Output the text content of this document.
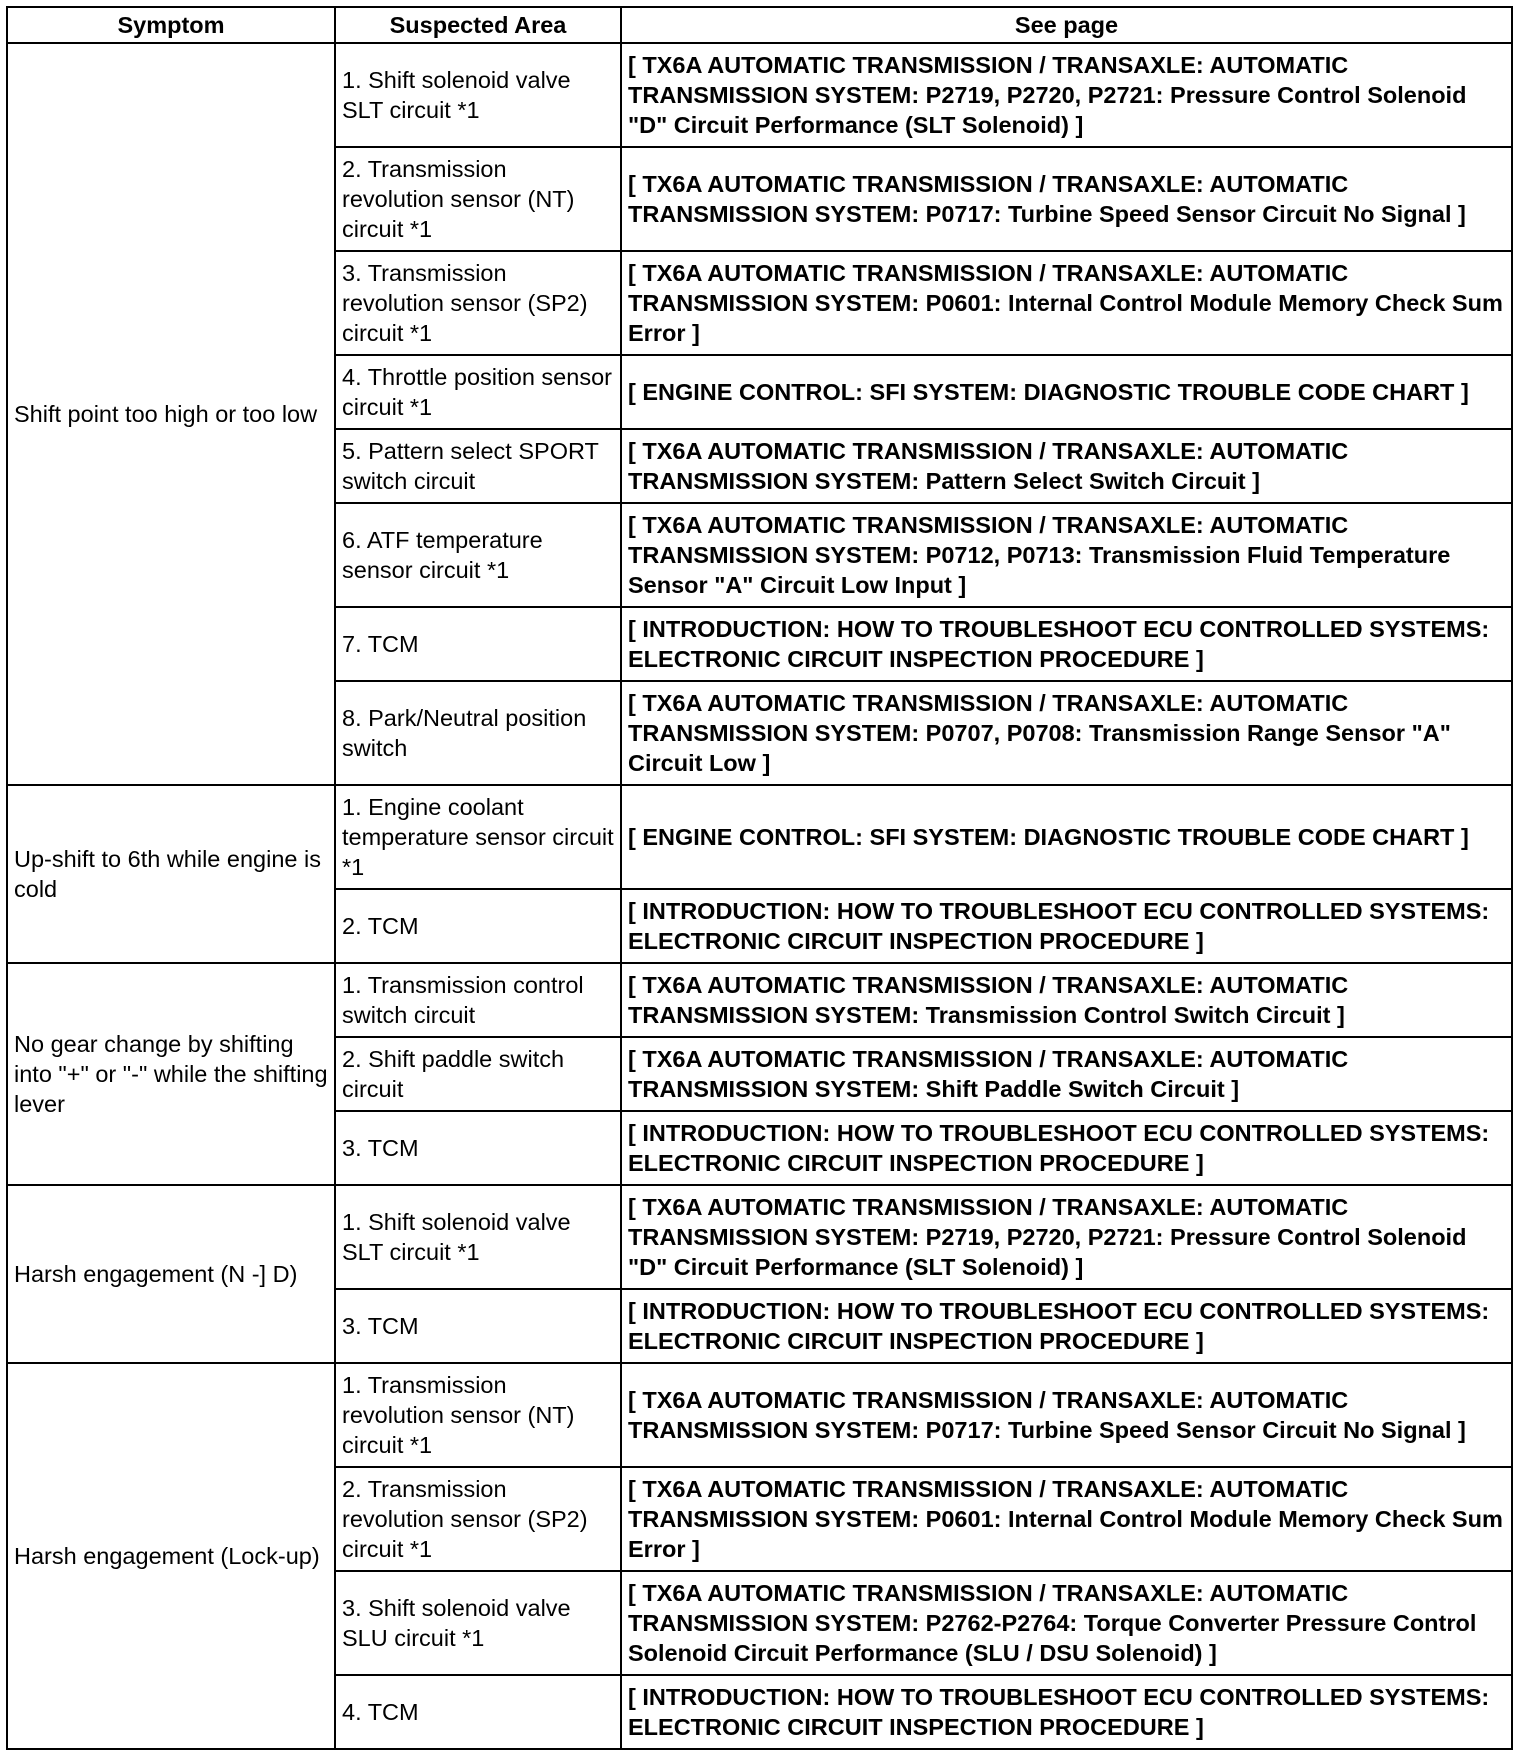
Symptom	Suspected Area	See page
Shift point too high or too low	1. Shift solenoid valve SLT circuit *1	[ TX6A AUTOMATIC TRANSMISSION / TRANSAXLE: AUTOMATIC TRANSMISSION SYSTEM: P2719, P2720, P2721: Pressure Control Solenoid "D" Circuit Performance (SLT Solenoid) ]
	2. Transmission revolution sensor (NT) circuit *1	[ TX6A AUTOMATIC TRANSMISSION / TRANSAXLE: AUTOMATIC TRANSMISSION SYSTEM: P0717: Turbine Speed Sensor Circuit No Signal ]
	3. Transmission revolution sensor (SP2) circuit *1	[ TX6A AUTOMATIC TRANSMISSION / TRANSAXLE: AUTOMATIC TRANSMISSION SYSTEM: P0601: Internal Control Module Memory Check Sum Error ]
	4. Throttle position sensor circuit *1	[ ENGINE CONTROL: SFI SYSTEM: DIAGNOSTIC TROUBLE CODE CHART ]
	5. Pattern select SPORT switch circuit	[ TX6A AUTOMATIC TRANSMISSION / TRANSAXLE: AUTOMATIC TRANSMISSION SYSTEM: Pattern Select Switch Circuit ]
	6. ATF temperature sensor circuit *1	[ TX6A AUTOMATIC TRANSMISSION / TRANSAXLE: AUTOMATIC TRANSMISSION SYSTEM: P0712, P0713: Transmission Fluid Temperature Sensor "A" Circuit Low Input ]
	7. TCM	[ INTRODUCTION: HOW TO TROUBLESHOOT ECU CONTROLLED SYSTEMS: ELECTRONIC CIRCUIT INSPECTION PROCEDURE ]
	8. Park/Neutral position switch	[ TX6A AUTOMATIC TRANSMISSION / TRANSAXLE: AUTOMATIC TRANSMISSION SYSTEM: P0707, P0708: Transmission Range Sensor "A" Circuit Low ]
Up-shift to 6th while engine is cold	1. Engine coolant temperature sensor circuit *1	[ ENGINE CONTROL: SFI SYSTEM: DIAGNOSTIC TROUBLE CODE CHART ]
	2. TCM	[ INTRODUCTION: HOW TO TROUBLESHOOT ECU CONTROLLED SYSTEMS: ELECTRONIC CIRCUIT INSPECTION PROCEDURE ]
No gear change by shifting into "+" or "-" while the shifting lever	1. Transmission control switch circuit	[ TX6A AUTOMATIC TRANSMISSION / TRANSAXLE: AUTOMATIC TRANSMISSION SYSTEM: Transmission Control Switch Circuit ]
	2. Shift paddle switch circuit	[ TX6A AUTOMATIC TRANSMISSION / TRANSAXLE: AUTOMATIC TRANSMISSION SYSTEM: Shift Paddle Switch Circuit ]
	3. TCM	[ INTRODUCTION: HOW TO TROUBLESHOOT ECU CONTROLLED SYSTEMS: ELECTRONIC CIRCUIT INSPECTION PROCEDURE ]
Harsh engagement (N -] D)	1. Shift solenoid valve SLT circuit *1	[ TX6A AUTOMATIC TRANSMISSION / TRANSAXLE: AUTOMATIC TRANSMISSION SYSTEM: P2719, P2720, P2721: Pressure Control Solenoid "D" Circuit Performance (SLT Solenoid) ]
	3. TCM	[ INTRODUCTION: HOW TO TROUBLESHOOT ECU CONTROLLED SYSTEMS: ELECTRONIC CIRCUIT INSPECTION PROCEDURE ]
Harsh engagement (Lock-up)	1. Transmission revolution sensor (NT) circuit *1	[ TX6A AUTOMATIC TRANSMISSION / TRANSAXLE: AUTOMATIC TRANSMISSION SYSTEM: P0717: Turbine Speed Sensor Circuit No Signal ]
	2. Transmission revolution sensor (SP2) circuit *1	[ TX6A AUTOMATIC TRANSMISSION / TRANSAXLE: AUTOMATIC TRANSMISSION SYSTEM: P0601: Internal Control Module Memory Check Sum Error ]
	3. Shift solenoid valve SLU circuit *1	[ TX6A AUTOMATIC TRANSMISSION / TRANSAXLE: AUTOMATIC TRANSMISSION SYSTEM: P2762-P2764: Torque Converter Pressure Control Solenoid Circuit Performance (SLU / DSU Solenoid) ]
	4. TCM	[ INTRODUCTION: HOW TO TROUBLESHOOT ECU CONTROLLED SYSTEMS: ELECTRONIC CIRCUIT INSPECTION PROCEDURE ]
